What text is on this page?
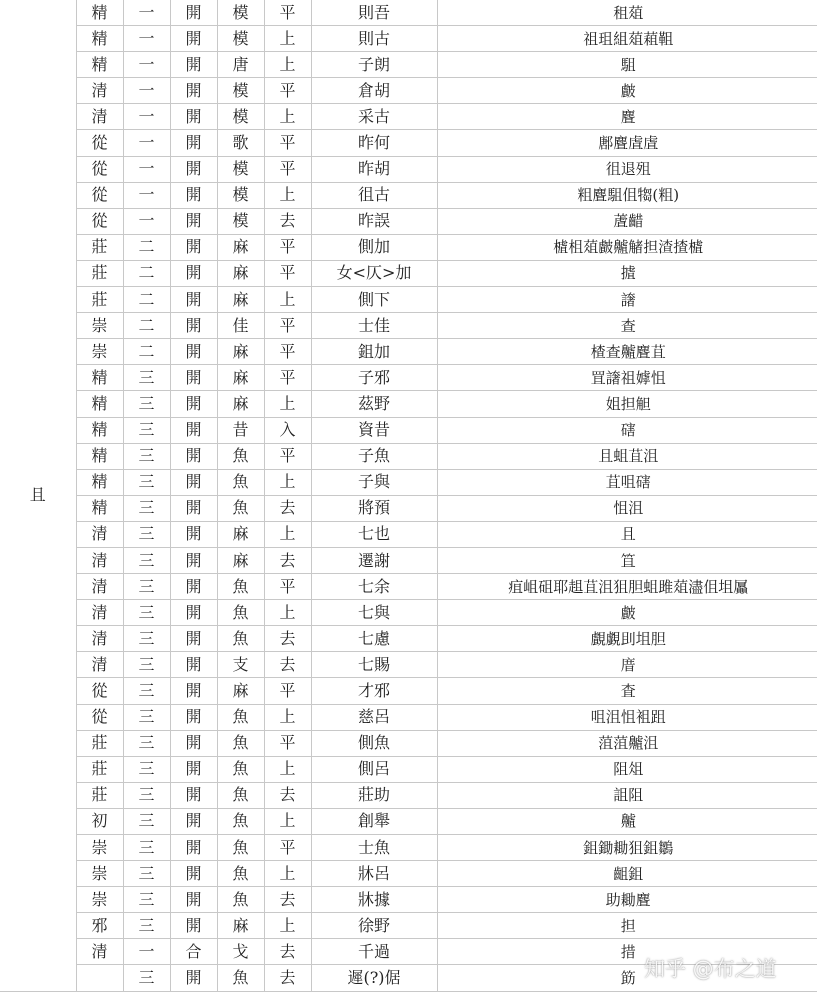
且	精	一	開	模	平	則吾	租葅
	精	一	開	模	上	則古	祖珇組葅蒩靻
	精	一	開	唐	上	子朗	駔
	清	一	開	模	平	倉胡	皻
	清	一	開	模	上	采古	麆
	從	一	開	歌	平	昨何	鄌麆虘虘
	從	一	開	模	平	昨胡	徂退殂
	從	一	開	模	上	徂古	粗麆駔伹犓(粗)
	從	一	開	模	去	昨誤	蔖齰
	莊	二	開	麻	平	側加	樝柤葅皻齇觰担渣揸樝
	莊	二	開	麻	平	女<仄>加	摣
	莊	二	開	麻	上	側下	譇
	崇	二	開	佳	平	士佳	查
	崇	二	開	麻	平	鉏加	楂查齇麆苴
	精	三	開	麻	平	子邪	罝譇祖嫭怚
	精	三	開	麻	上	茲野	姐担觛
	精	三	開	昔	入	資昔	磍
	精	三	開	魚	平	子魚	且蛆苴沮
	精	三	開	魚	上	子與	苴咀磍
	精	三	開	魚	去	將預	怚沮
	清	三	開	麻	上	七也	且
	清	三	開	麻	去	遷謝	笡
	清	三	開	魚	平	七余	疽岨砠耶趄苴沮狙胆蛆雎葅濜伹坥屭
	清	三	開	魚	上	七與	皻
	清	三	開	魚	去	七慮	覰覷刞坥胆
	清	三	開	支	去	七賜	庴
	從	三	開	麻	平	才邪	査
	從	三	開	魚	上	慈呂	咀沮怚袓跙
	莊	三	開	魚	平	側魚	菹菹齇沮
	莊	三	開	魚	上	側呂	阻俎
	莊	三	開	魚	去	莊助	詛阻
	初	三	開	魚	上	創舉	齇
	崇	三	開	魚	平	士魚	鉏鋤耡狙鉏鶵
	崇	三	開	魚	上	牀呂	齟鉏
	崇	三	開	魚	去	牀據	助耡麆
	邪	三	開	麻	上	徐野	担
	清	一	合	戈	去	千過	措
		三	開	魚	去	遲(?)倨	筯 知乎 @布之道
